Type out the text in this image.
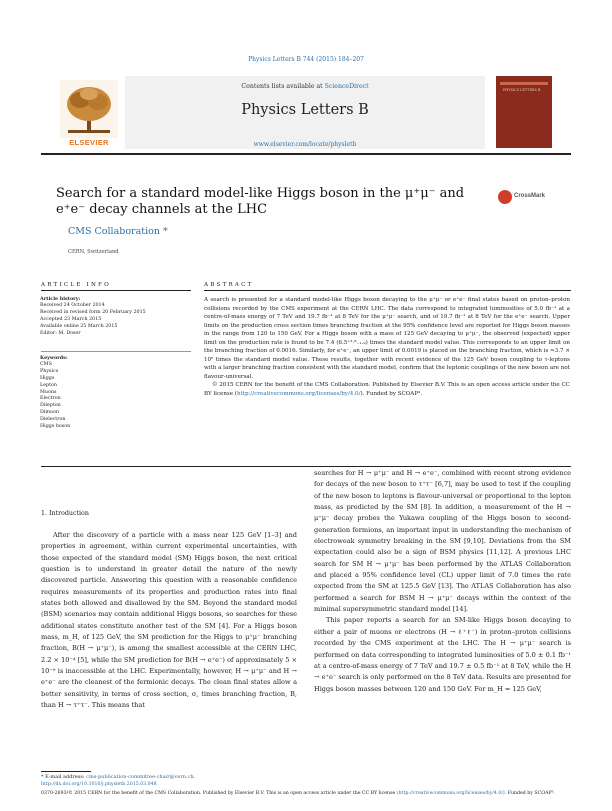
Physics Letters B 744 (2015) 184–207
ELSEVIER
Contents lists available at ScienceDirect
Physics Letters B
www.elsevier.com/locate/physletb
PHYSICS LETTERS B
Search for a standard model-like Higgs boson in the μ⁺μ⁻ and e⁺e⁻ decay channels at the LHC
CrossMark
CMS Collaboration *
CERN, Switzerland
ARTICLE INFO
Article history:
Received 24 October 2014
Received in revised form 20 February 2015
Accepted 23 March 2015
Available online 25 March 2015
Editor: M. Doser
Keywords:
CMS
Physics
Higgs
Lepton
Muons
Electron
Dilepton
Dimuon
Dielectron
Higgs boson
ABSTRACT
A search is presented for a standard model-like Higgs boson decaying to the μ⁺μ⁻ or e⁺e⁻ final states based on proton–proton collisions recorded by the CMS experiment at the CERN LHC. The data correspond to integrated luminosities of 5.0 fb⁻¹ at a centre-of-mass energy of 7 TeV and 19.7 fb⁻¹ at 8 TeV for the μ⁺μ⁻ search, and of 19.7 fb⁻¹ at 8 TeV for the e⁺e⁻ search. Upper limits on the production cross section times branching fraction at the 95% confidence level are reported for Higgs boson masses in the range from 120 to 150 GeV. For a Higgs boson with a mass of 125 GeV decaying to μ⁺μ⁻, the observed (expected) upper limit on the production rate is found to be 7.4 (6.5⁺²·⁸₋₁.₉) times the standard model value. This corresponds to an upper limit on the branching fraction of 0.0016. Similarly, for e⁺e⁻, an upper limit of 0.0019 is placed on the branching fraction, which is ≈3.7 × 10⁵ times the standard model value. These results, together with recent evidence of the 125 GeV boson coupling to τ-leptons with a larger branching fraction consistent with the standard model, confirm that the leptonic couplings of the new boson are not flavour-universal.
© 2015 CERN for the benefit of the CMS Collaboration. Published by Elsevier B.V. This is an open access article under the CC BY license (http://creativecommons.org/licenses/by/4.0/). Funded by SCOAP³.
1. Introduction
After the discovery of a particle with a mass near 125 GeV [1–3] and properties in agreement, within current experimental uncertainties, with those expected of the standard model (SM) Higgs boson, the next critical question is to understand in greater detail the nature of the newly discovered particle. Answering this question with a reasonable confidence requires measurements of its properties and production rates into final states both allowed and disallowed by the SM. Beyond the standard model (BSM) scenarios may contain additional Higgs bosons, so searches for these additional states constitute another test of the SM [4]. For a Higgs boson mass, m_H, of 125 GeV, the SM prediction for the Higgs to μ⁺μ⁻ branching fraction, B(H → μ⁺μ⁻), is among the smallest accessible at the CERN LHC, 2.2 × 10⁻⁴ [5], while the SM prediction for B(H → e⁺e⁻) of approximately 5 × 10⁻⁹ is inaccessible at the LHC. Experimentally, however, H → μ⁺μ⁻ and H → e⁺e⁻ are the cleanest of the fermionic decays. The clean final states allow a better sensitivity, in terms of cross section, σ, times branching fraction, B, than H → τ⁺τ⁻. This means that

searches for H → μ⁺μ⁻ and H → e⁺e⁻, combined with recent strong evidence for decays of the new boson to τ⁺τ⁻ [6,7], may be used to test if the coupling of the new boson to leptons is flavour-universal or proportional to the lepton mass, as predicted by the SM [8]. In addition, a measurement of the H → μ⁺μ⁻ decay probes the Yukawa coupling of the Higgs boson to second-generation fermions, an important input in understanding the mechanism of electroweak symmetry breaking in the SM [9,10]. Deviations from the SM expectation could also be a sign of BSM physics [11,12]. A previous LHC search for SM H → μ⁺μ⁻ has been performed by the ATLAS Collaboration and placed a 95% confidence level (CL) upper limit of 7.0 times the rate expected from the SM at 125.5 GeV [13]. The ATLAS Collaboration has also performed a search for BSM H → μ⁺μ⁻ decays within the context of the minimal supersymmetric standard model [14].

This paper reports a search for an SM-like Higgs boson decaying to either a pair of muons or electrons (H → ℓ⁺ℓ⁻) in proton–proton collisions recorded by the CMS experiment at the LHC. The H → μ⁺μ⁻ search is performed on data corresponding to integrated luminosities of 5.0 ± 0.1 fb⁻¹ at a centre-of-mass energy of 7 TeV and 19.7 ± 0.5 fb⁻¹ at 8 TeV, while the H → e⁺e⁻ search is only performed on the 8 TeV data. Results are presented for Higgs boson masses between 120 and 150 GeV. For m_H = 125 GeV,

* E-mail address: cms-publication-committee-chair@cern.ch.
http://dx.doi.org/10.1016/j.physletb.2015.03.048
0370-2693/© 2015 CERN for the benefit of the CMS Collaboration. Published by Elsevier B.V. This is an open access article under the CC BY license (http://creativecommons.org/licenses/by/4.0/). Funded by SCOAP³.
